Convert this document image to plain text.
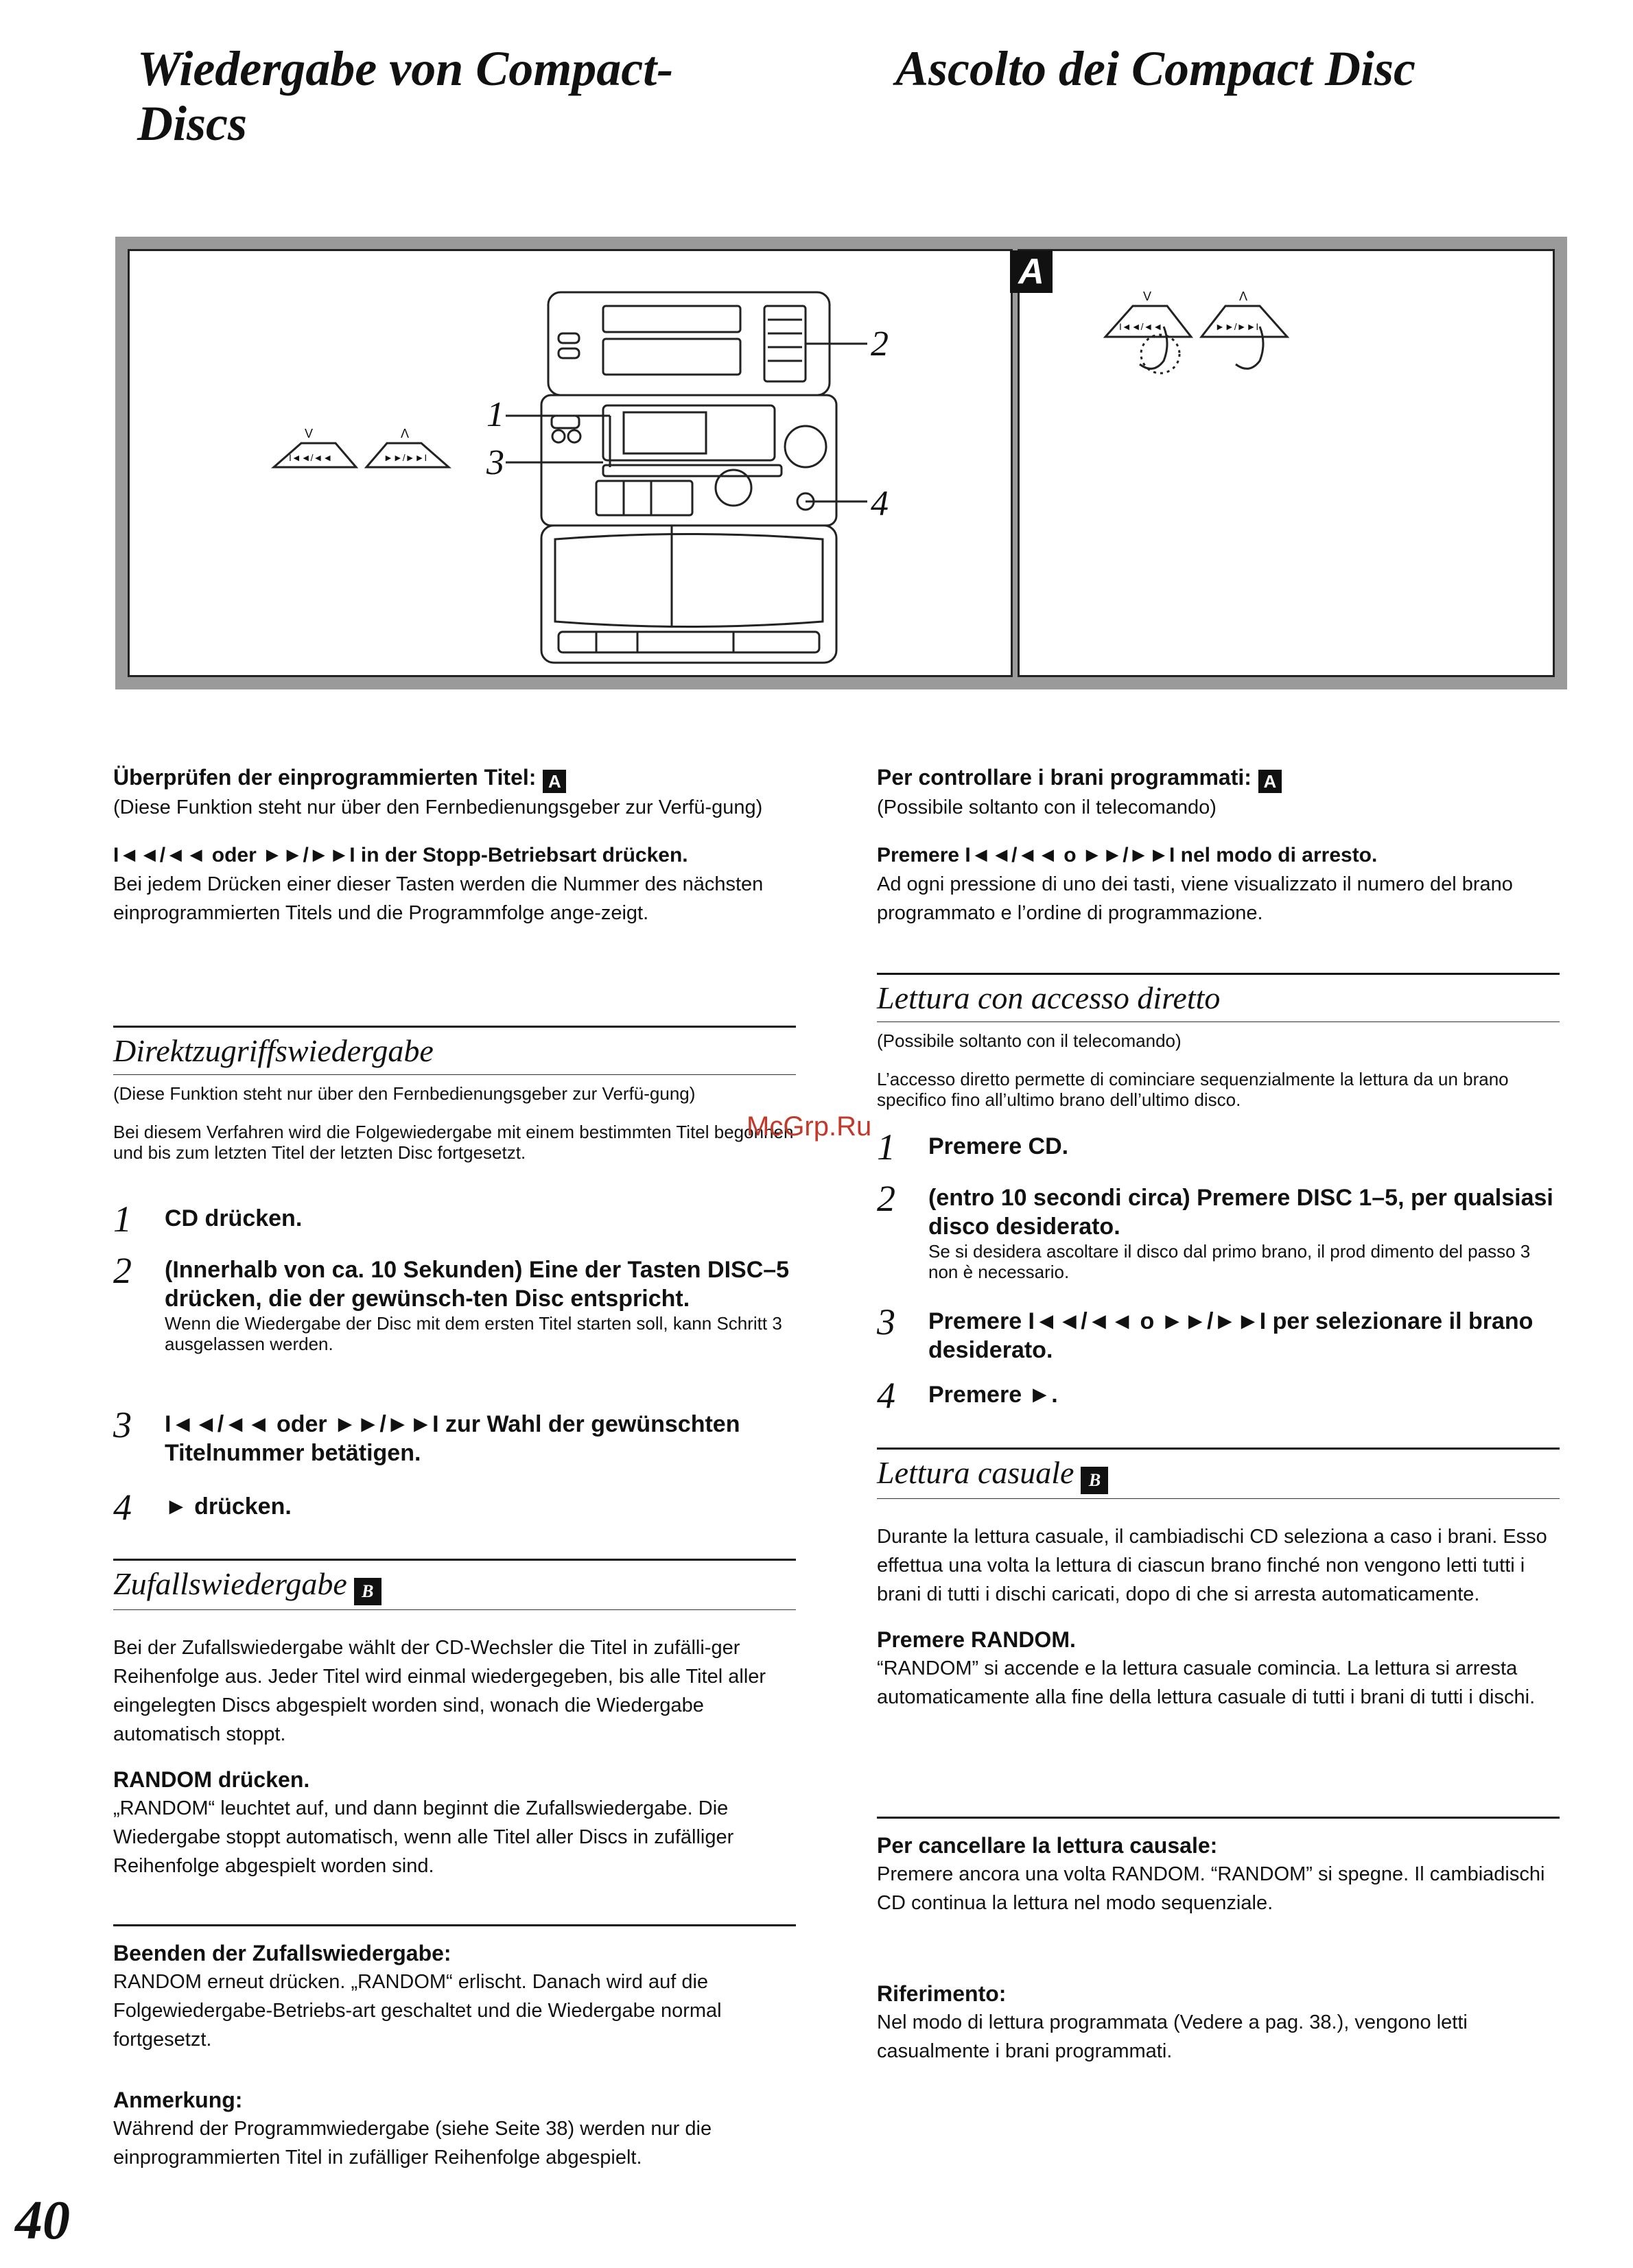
Wiedergabe von Compact-
Discs
Ascolto dei Compact Disc
2
1
3
4
I◄◄/◄◄	►►/►►I
V	Λ
I◄◄/◄◄	►►/►►I
V	Λ
A
Überprüfen der einprogrammierten Titel: A
(Diese Funktion steht nur über den Fernbedienungsgeber zur Verfü-gung)
I◄◄/◄◄ oder ►►/►►I in der Stopp-Betriebsart drücken.
Bei jedem Drücken einer dieser Tasten werden die Nummer des nächsten einprogrammierten Titels und die Programmfolge ange-zeigt.
Direktzugriffswiedergabe
(Diese Funktion steht nur über den Fernbedienungsgeber zur Verfü-gung)
Bei diesem Verfahren wird die Folgewiedergabe mit einem bestimmten Titel begonnen und bis zum letzten Titel der letzten Disc fortgesetzt.
1 CD drücken.
2 (Innerhalb von ca. 10 Sekunden) Eine der Tasten DISC–5 drücken, die der gewünsch-ten Disc entspricht.
Wenn die Wiedergabe der Disc mit dem ersten Titel starten soll, kann Schritt 3 ausgelassen werden.
3 I◄◄/◄◄ oder ►►/►►I zur Wahl der gewünschten Titelnummer betätigen.
4 ► drücken.
Zufallswiedergabe B
Bei der Zufallswiedergabe wählt der CD-Wechsler die Titel in zufälli-ger Reihenfolge aus. Jeder Titel wird einmal wiedergegeben, bis alle Titel aller eingelegten Discs abgespielt worden sind, wonach die Wiedergabe automatisch stoppt.
RANDOM drücken.
„RANDOM“ leuchtet auf, und dann beginnt die Zufallswiedergabe. Die Wiedergabe stoppt automatisch, wenn alle Titel aller Discs in zufälliger Reihenfolge abgespielt worden sind.
Beenden der Zufallswiedergabe:
RANDOM erneut drücken. „RANDOM“ erlischt. Danach wird auf die Folgewiedergabe-Betriebs-art geschaltet und die Wiedergabe normal fortgesetzt.
Anmerkung:
Während der Programmwiedergabe (siehe Seite 38) werden nur die einprogrammierten Titel in zufälliger Reihenfolge abgespielt.
Per controllare i brani programmati: A
(Possibile soltanto con il telecomando)
Premere I◄◄/◄◄ o ►►/►►I nel modo di arresto.
Ad ogni pressione di uno dei tasti, viene visualizzato il numero del brano programmato e l’ordine di programmazione.
Lettura con accesso diretto
(Possibile soltanto con il telecomando)
L’accesso diretto permette di cominciare sequenzialmente la lettura da un brano specifico fino all’ultimo brano dell’ultimo disco.
1 Premere CD.
2 (entro 10 secondi circa) Premere DISC 1–5, per qualsiasi disco desiderato.
Se si desidera ascoltare il disco dal primo brano, il prod dimento del passo 3 non è necessario.
3 Premere I◄◄/◄◄ o ►►/►►I per selezionare il brano desiderato.
4 Premere ►.
Lettura casuale B
Durante la lettura casuale, il cambiadischi CD seleziona a caso i brani. Esso effettua una volta la lettura di ciascun brano finché non vengono letti tutti i brani di tutti i dischi caricati, dopo di che si arresta automaticamente.
Premere RANDOM.
“RANDOM” si accende e la lettura casuale comincia. La lettura si arresta automaticamente alla fine della lettura casuale di tutti i brani di tutti i dischi.
Per cancellare la lettura causale:
Premere ancora una volta RANDOM. “RANDOM” si spegne. Il cambiadischi CD continua la lettura nel modo sequenziale.
Riferimento:
Nel modo di lettura programmata (Vedere a pag. 38.), vengono letti casualmente i brani programmati.
McGrp.Ru
40
